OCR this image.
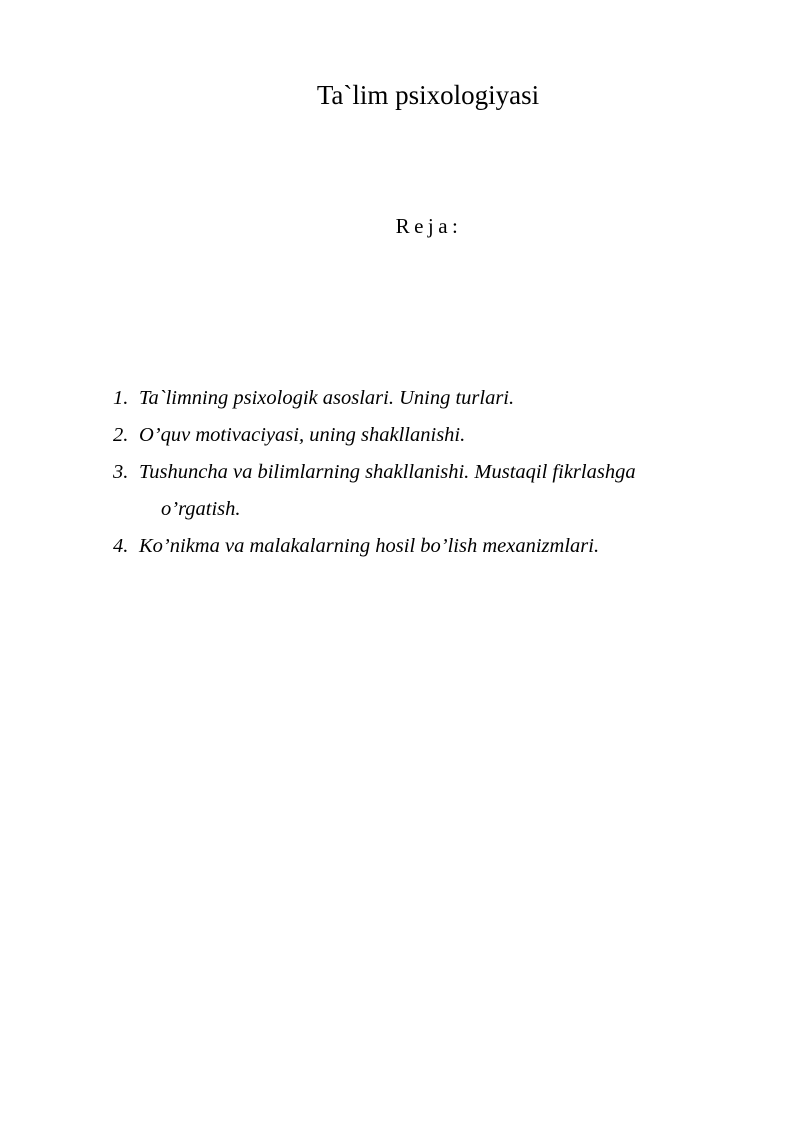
Ta`lim psixologiyasi
Reja:
1. Ta`limning psixologik asoslari. Uning turlari.
2. O’quv motivaciyasi, uning shakllanishi.
3. Tushuncha va bilimlarning shakllanishi. Mustaqil fikrlashga
o’rgatish.
4. Ko’nikma va malakalarning hosil bo’lish mexanizmlari.
